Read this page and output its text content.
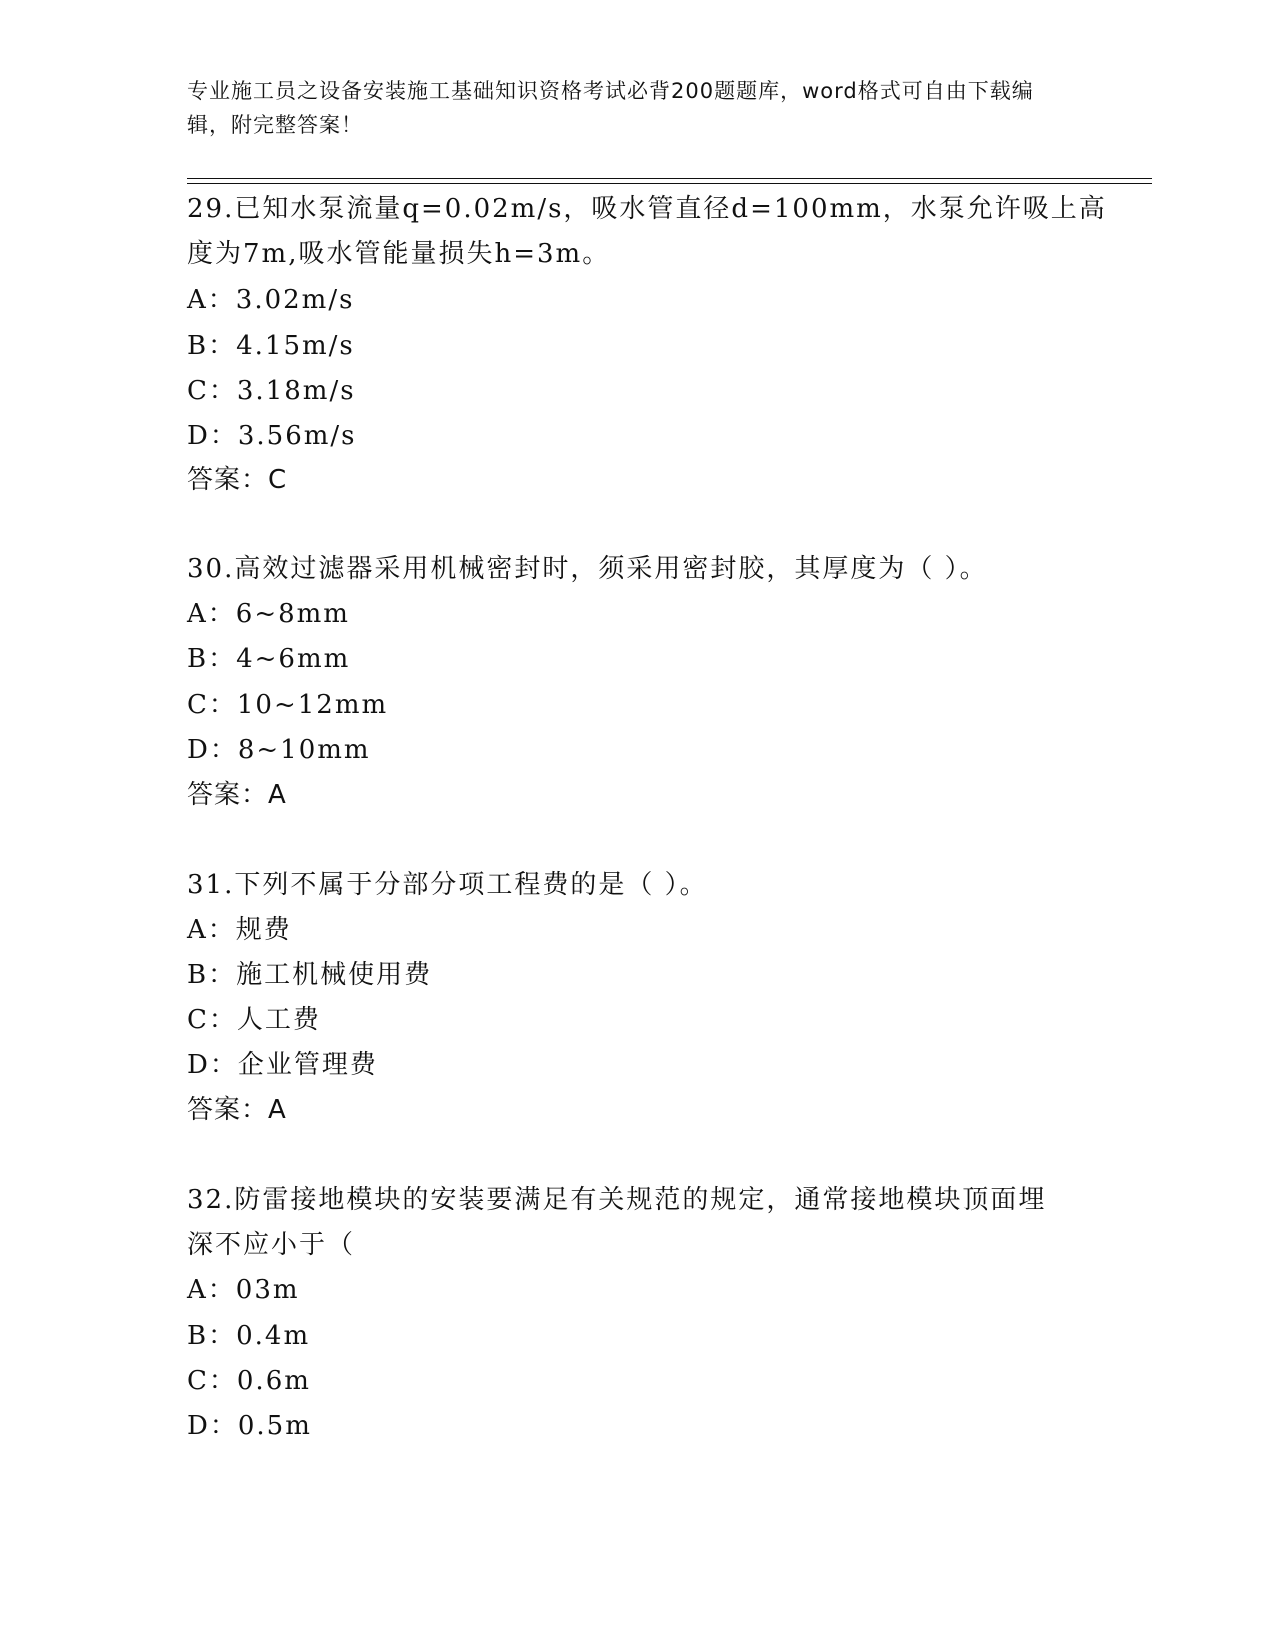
专业施工员之设备安装施工基础知识资格考试必背200题题库，word格式可自由下载编辑，附完整答案！
29.已知水泵流量q=0.02m/s，吸水管直径d=100mm，水泵允许吸上高
度为7m,吸水管能量损失h=3m。
A：3.02m/s
B：4.15m/s
C：3.18m/s
D：3.56m/s
答案：C
30.高效过滤器采用机械密封时，须采用密封胶，其厚度为（ ）。
A：6~8mm
B：4~6mm
C：10~12mm
D：8~10mm
答案：A
31.下列不属于分部分项工程费的是（ ）。
A：规费
B：施工机械使用费
C：人工费
D：企业管理费
答案：A
32.防雷接地模块的安装要满足有关规范的规定，通常接地模块顶面埋
深不应小于（
A：03m
B：0.4m
C：0.6m
D：0.5m
